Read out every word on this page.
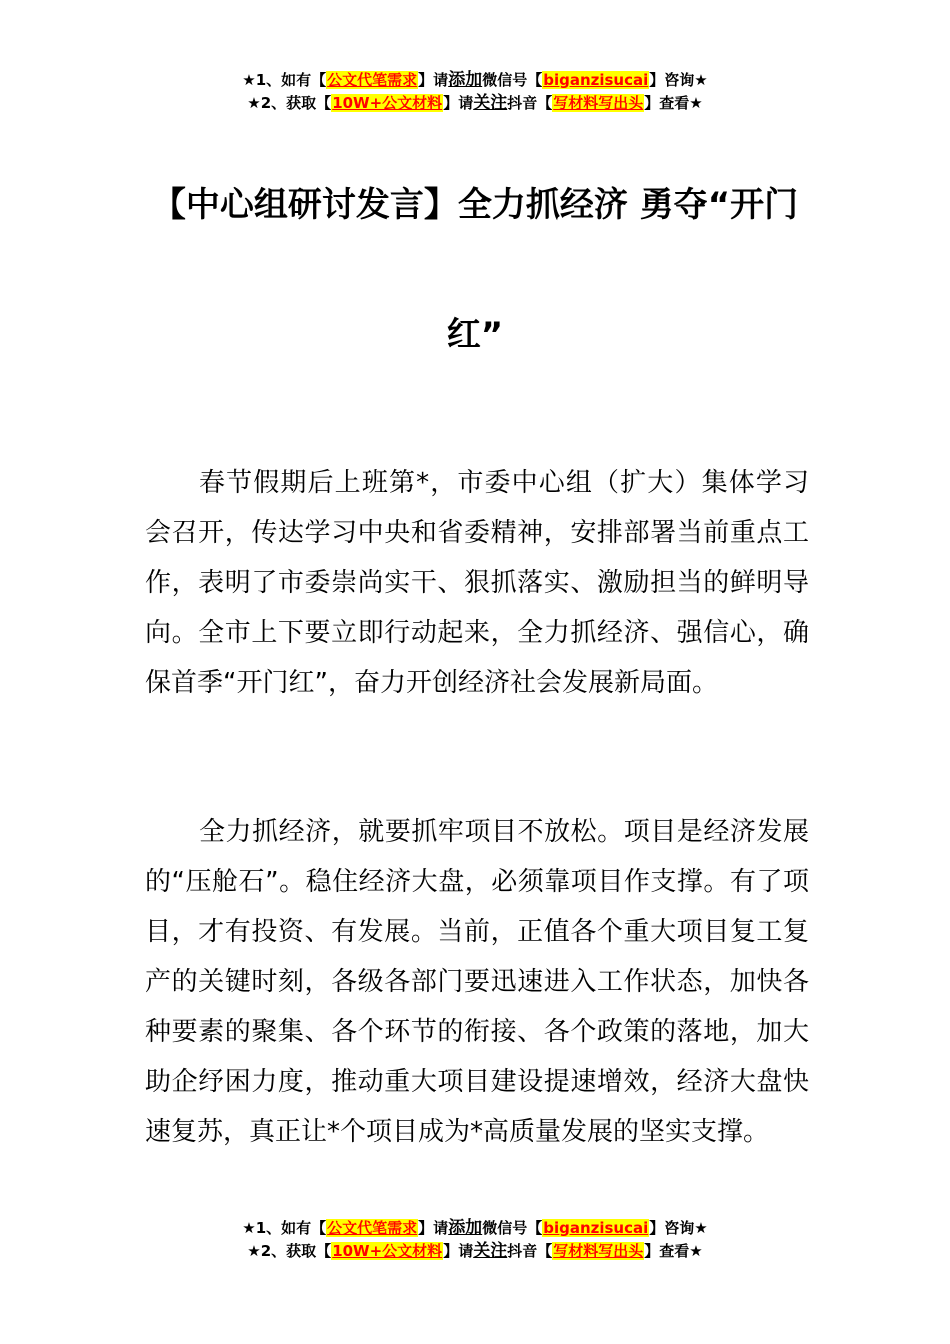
★1、如有【公文代笔需求】请添加微信号【biganzisucai】咨询★
★2、获取【10W+公文材料】请关注抖音【写材料写出头】查看★
【中心组研讨发言】全力抓经济 勇夺“开门红”

春节假期后上班第*，市委中心组（扩大）集体学习会召开，传达学习中央和省委精神，安排部署当前重点工作，表明了市委崇尚实干、狠抓落实、激励担当的鲜明导向。全市上下要立即行动起来，全力抓经济、强信心，确保首季“开门红”，奋力开创经济社会发展新局面。

全力抓经济，就要抓牢项目不放松。项目是经济发展的“压舱石”。稳住经济大盘，必须靠项目作支撑。有了项目，才有投资、有发展。当前，正值各个重大项目复工复产的关键时刻，各级各部门要迅速进入工作状态，加快各种要素的聚集、各个环节的衔接、各个政策的落地，加大助企纾困力度，推动重大项目建设提速增效，经济大盘快速复苏，真正让*个项目成为*高质量发展的坚实支撑。

★1、如有【公文代笔需求】请添加微信号【biganzisucai】咨询★
★2、获取【10W+公文材料】请关注抖音【写材料写出头】查看★
